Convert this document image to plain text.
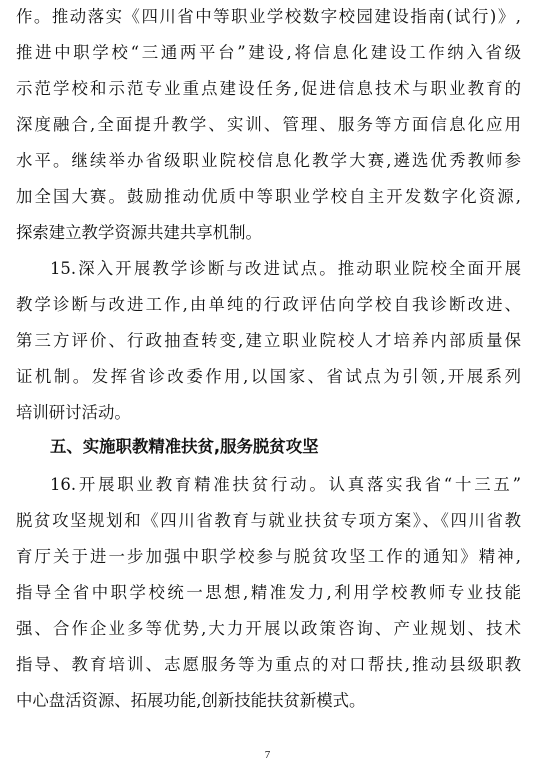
作。推动落实《四川省中等职业学校数字校园建设指南(试行)》,
推进中职学校“三通两平台”建设,将信息化建设工作纳入省级
示范学校和示范专业重点建设任务,促进信息技术与职业教育的
深度融合,全面提升教学、实训、管理、服务等方面信息化应用
水平。继续举办省级职业院校信息化教学大赛,遴选优秀教师参
加全国大赛。鼓励推动优质中等职业学校自主开发数字化资源,
探索建立教学资源共建共享机制。
15.深入开展教学诊断与改进试点。推动职业院校全面开展
教学诊断与改进工作,由单纯的行政评估向学校自我诊断改进、
第三方评价、行政抽查转变,建立职业院校人才培养内部质量保
证机制。发挥省诊改委作用,以国家、省试点为引领,开展系列
培训研讨活动。
五、实施职教精准扶贫,服务脱贫攻坚
16.开展职业教育精准扶贫行动。认真落实我省“十三五”
脱贫攻坚规划和《四川省教育与就业扶贫专项方案》、《四川省教
育厅关于进一步加强中职学校参与脱贫攻坚工作的通知》精神,
指导全省中职学校统一思想,精准发力,利用学校教师专业技能
强、合作企业多等优势,大力开展以政策咨询、产业规划、技术
指导、教育培训、志愿服务等为重点的对口帮扶,推动县级职教
中心盘活资源、拓展功能,创新技能扶贫新模式。
7
